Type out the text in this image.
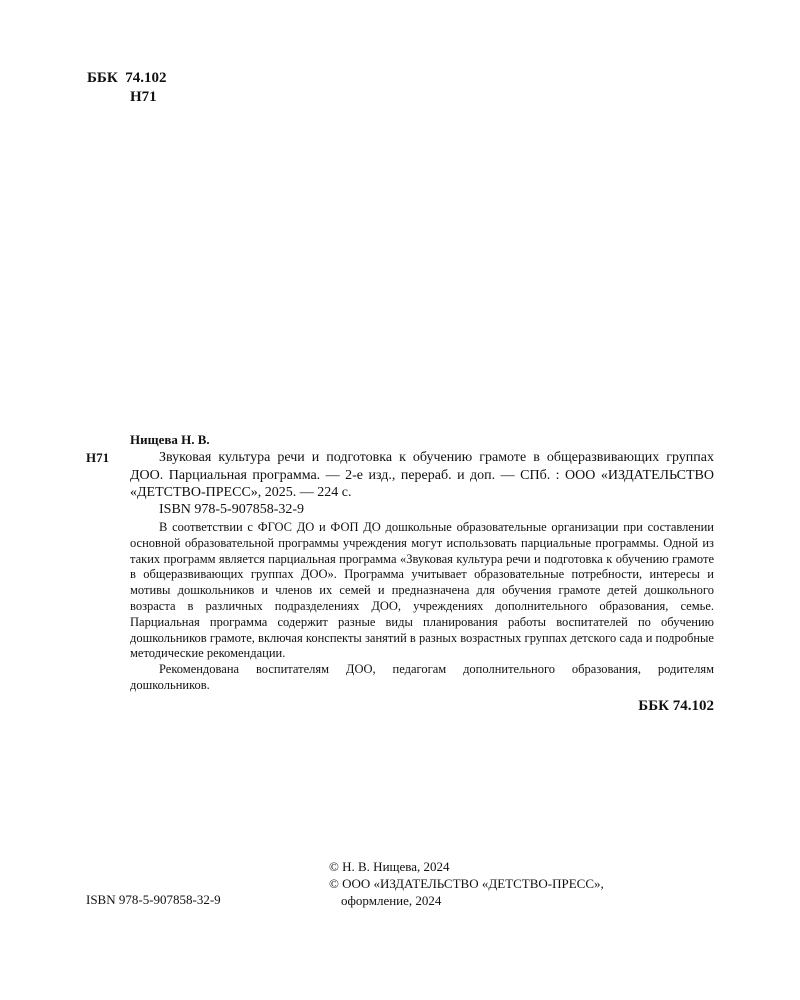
ББК  74.102
Н71
Нищева Н. В.
Н71	Звуковая культура речи и подготовка к обучению грамоте в общеразвивающих группах ДОО. Парциальная программа. — 2-е изд., перераб. и доп. — СПб. : ООО «ИЗДАТЕЛЬСТВО «ДЕТСТВО-ПРЕСС», 2025. — 224 с.

ISBN 978-5-907858-32-9

В соответствии с ФГОС ДО и ФОП ДО дошкольные образовательные организации при составлении основной образовательной программы учреждения могут использовать парциальные программы. Одной из таких программ является парциальная программа «Звуковая культура речи и подготовка к обучению грамоте в общеразвивающих группах ДОО». Программа учитывает образовательные потребности, интересы и мотивы дошкольников и членов их семей и предназначена для обучения грамоте детей дошкольного возраста в различных подразделениях ДОО, учреждениях дополнительного образования, семье. Парциальная программа содержит разные виды планирования работы воспитателей по обучению дошкольников грамоте, включая конспекты занятий в разных возрастных группах детского сада и подробные методические рекомендации.

Рекомендована воспитателям ДОО, педагогам дополнительного образования, родителям дошкольников.

ББК 74.102
ISBN 978-5-907858-32-9
© Н. В. Нищева, 2024
© ООО «ИЗДАТЕЛЬСТВО «ДЕТСТВО-ПРЕСС»,
оформление, 2024
